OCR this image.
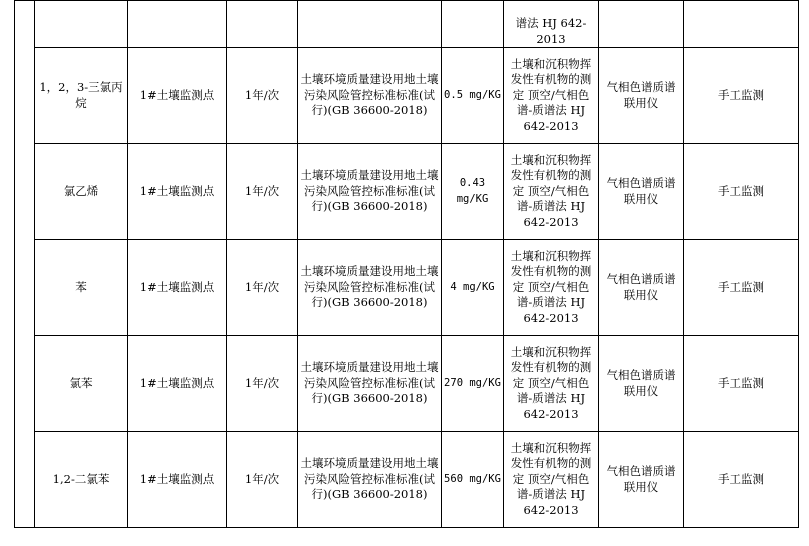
						谱法 HJ 642-
2013		

	1，2，3-三氯丙烷	1#土壤监测点	1年/次	土壤环境质量建设用地土壤污染风险管控标准标准(试行)(GB 36600-2018)	0.5 mg/KG	土壤和沉积物挥发性有机物的测定 顶空/气相色谱-质谱法 HJ 642-2013	气相色谱质谱联用仪	手工监测

	氯乙烯	1#土壤监测点	1年/次	土壤环境质量建设用地土壤污染风险管控标准标准(试行)(GB 36600-2018)	0.43 mg/KG	土壤和沉积物挥发性有机物的测定 顶空/气相色谱-质谱法 HJ 642-2013	气相色谱质谱联用仪	手工监测

	苯	1#土壤监测点	1年/次	土壤环境质量建设用地土壤污染风险管控标准标准(试行)(GB 36600-2018)	4 mg/KG	土壤和沉积物挥发性有机物的测定 顶空/气相色谱-质谱法 HJ 642-2013	气相色谱质谱联用仪	手工监测

	氯苯	1#土壤监测点	1年/次	土壤环境质量建设用地土壤污染风险管控标准标准(试行)(GB 36600-2018)	270 mg/KG	土壤和沉积物挥发性有机物的测定 顶空/气相色谱-质谱法 HJ 642-2013	气相色谱质谱联用仪	手工监测

	1,2-二氯苯	1#土壤监测点	1年/次	土壤环境质量建设用地土壤污染风险管控标准标准(试行)(GB 36600-2018)	560 mg/KG	土壤和沉积物挥发性有机物的测定 顶空/气相色谱-质谱法 HJ 642-2013	气相色谱质谱联用仪	手工监测
